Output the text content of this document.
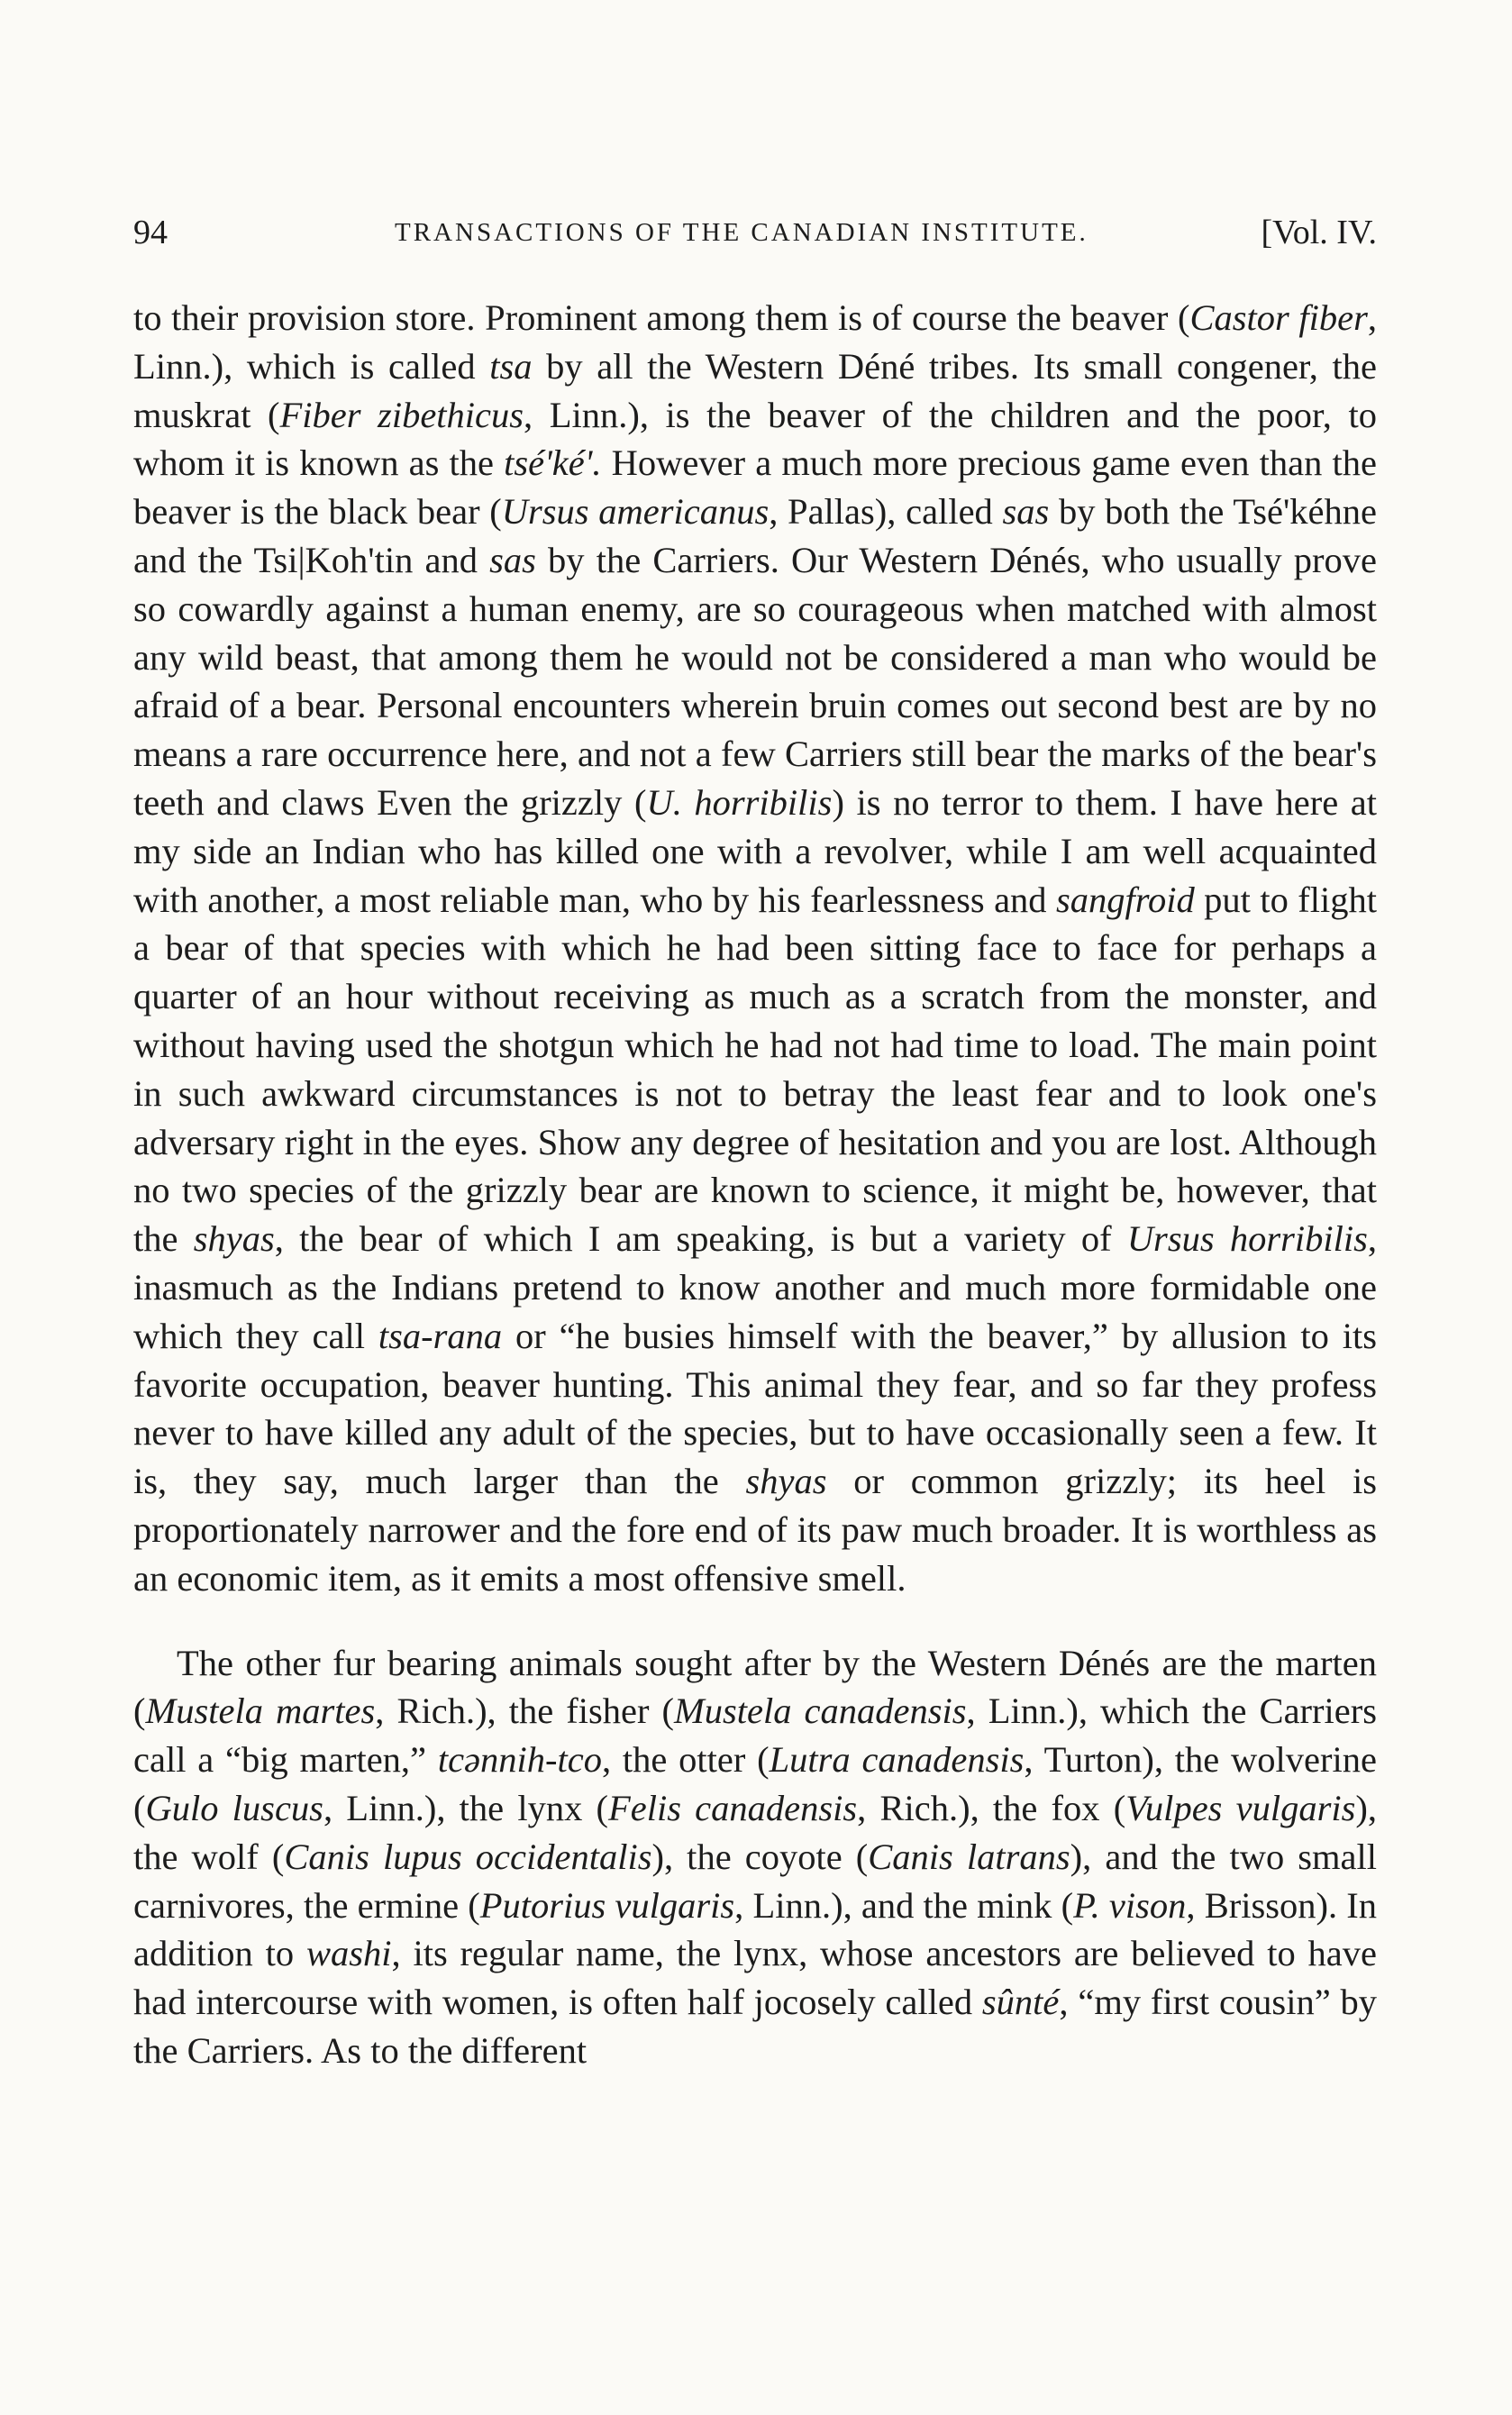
94	TRANSACTIONS OF THE CANADIAN INSTITUTE.	[Vol. IV.

to their provision store. Prominent among them is of course the beaver (Castor fiber, Linn.), which is called tsa by all the Western Déné tribes. Its small congener, the muskrat (Fiber zibethicus, Linn.), is the beaver of the children and the poor, to whom it is known as the tsé'ké'. However a much more precious game even than the beaver is the black bear (Ursus americanus, Pallas), called sas by both the Tsé'kéhne and the Tsi|Koh'tin and sas by the Carriers. Our Western Dénés, who usually prove so cowardly against a human enemy, are so courageous when matched with almost any wild beast, that among them he would not be considered a man who would be afraid of a bear. Personal encounters wherein bruin comes out second best are by no means a rare occurrence here, and not a few Carriers still bear the marks of the bear's teeth and claws Even the grizzly (U. horribilis) is no terror to them. I have here at my side an Indian who has killed one with a revolver, while I am well acquainted with another, a most reliable man, who by his fearlessness and sangfroid put to flight a bear of that species with which he had been sitting face to face for perhaps a quarter of an hour without receiving as much as a scratch from the monster, and without having used the shotgun which he had not had time to load. The main point in such awkward circumstances is not to betray the least fear and to look one's adversary right in the eyes. Show any degree of hesitation and you are lost. Although no two species of the grizzly bear are known to science, it might be, however, that the shyas, the bear of which I am speaking, is but a variety of Ursus horribilis, inasmuch as the Indians pretend to know another and much more formidable one which they call tsa-rana or “he busies himself with the beaver,” by allusion to its favorite occupation, beaver hunting. This animal they fear, and so far they profess never to have killed any adult of the species, but to have occasionally seen a few. It is, they say, much larger than the shyas or common grizzly; its heel is proportionately narrower and the fore end of its paw much broader. It is worthless as an economic item, as it emits a most offensive smell.

The other fur bearing animals sought after by the Western Dénés are the marten (Mustela martes, Rich.), the fisher (Mustela canadensis, Linn.), which the Carriers call a “big marten,” tcənnih-tco, the otter (Lutra canadensis, Turton), the wolverine (Gulo luscus, Linn.), the lynx (Felis canadensis, Rich.), the fox (Vulpes vulgaris), the wolf (Canis lupus occidentalis), the coyote (Canis latrans), and the two small carnivores, the ermine (Putorius vulgaris, Linn.), and the mink (P. vison, Brisson). In addition to washi, its regular name, the lynx, whose ancestors are believed to have had intercourse with women, is often half jocosely called sûnté, “my first cousin” by the Carriers. As to the different
